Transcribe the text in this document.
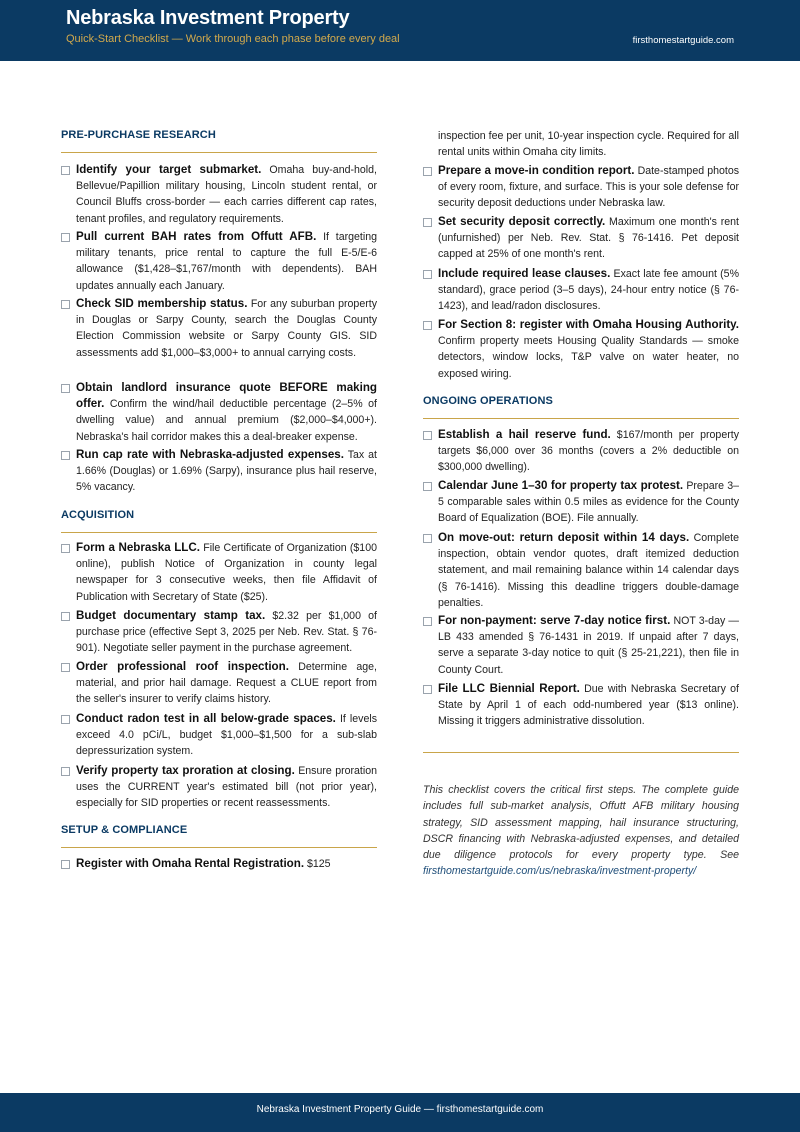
Nebraska Investment Property
Quick-Start Checklist — Work through each phase before every deal	firsthomestartguide.com
PRE-PURCHASE RESEARCH
Identify your target submarket. Omaha buy-and-hold, Bellevue/Papillion military housing, Lincoln student rental, or Council Bluffs cross-border — each carries different cap rates, tenant profiles, and regulatory requirements.
Pull current BAH rates from Offutt AFB. If targeting military tenants, price rental to capture the full E-5/E-6 allowance ($1,428–$1,767/month with dependents). BAH updates annually each January.
Check SID membership status. For any suburban property in Douglas or Sarpy County, search the Douglas County Election Commission website or Sarpy County GIS. SID assessments add $1,000–$3,000+ to annual carrying costs.
Obtain landlord insurance quote BEFORE making offer. Confirm the wind/hail deductible percentage (2–5% of dwelling value) and annual premium ($2,000–$4,000+). Nebraska's hail corridor makes this a deal-breaker expense.
Run cap rate with Nebraska-adjusted expenses. Tax at 1.66% (Douglas) or 1.69% (Sarpy), insurance plus hail reserve, 5% vacancy.
ACQUISITION
Form a Nebraska LLC. File Certificate of Organization ($100 online), publish Notice of Organization in county legal newspaper for 3 consecutive weeks, then file Affidavit of Publication with Secretary of State ($25).
Budget documentary stamp tax. $2.32 per $1,000 of purchase price (effective Sept 3, 2025 per Neb. Rev. Stat. § 76-901). Negotiate seller payment in the purchase agreement.
Order professional roof inspection. Determine age, material, and prior hail damage. Request a CLUE report from the seller's insurer to verify claims history.
Conduct radon test in all below-grade spaces. If levels exceed 4.0 pCi/L, budget $1,000–$1,500 for a sub-slab depressurization system.
Verify property tax proration at closing. Ensure proration uses the CURRENT year's estimated bill (not prior year), especially for SID properties or recent reassessments.
SETUP & COMPLIANCE
Register with Omaha Rental Registration. $125
inspection fee per unit, 10-year inspection cycle. Required for all rental units within Omaha city limits.
Prepare a move-in condition report. Date-stamped photos of every room, fixture, and surface. This is your sole defense for security deposit deductions under Nebraska law.
Set security deposit correctly. Maximum one month's rent (unfurnished) per Neb. Rev. Stat. § 76-1416. Pet deposit capped at 25% of one month's rent.
Include required lease clauses. Exact late fee amount (5% standard), grace period (3–5 days), 24-hour entry notice (§ 76-1423), and lead/radon disclosures.
For Section 8: register with Omaha Housing Authority. Confirm property meets Housing Quality Standards — smoke detectors, window locks, T&P valve on water heater, no exposed wiring.
ONGOING OPERATIONS
Establish a hail reserve fund. $167/month per property targets $6,000 over 36 months (covers a 2% deductible on $300,000 dwelling).
Calendar June 1–30 for property tax protest. Prepare 3–5 comparable sales within 0.5 miles as evidence for the County Board of Equalization (BOE). File annually.
On move-out: return deposit within 14 days. Complete inspection, obtain vendor quotes, draft itemized deduction statement, and mail remaining balance within 14 calendar days (§ 76-1416). Missing this deadline triggers double-damage penalties.
For non-payment: serve 7-day notice first. NOT 3-day — LB 433 amended § 76-1431 in 2019. If unpaid after 7 days, serve a separate 3-day notice to quit (§ 25-21,221), then file in County Court.
File LLC Biennial Report. Due with Nebraska Secretary of State by April 1 of each odd-numbered year ($13 online). Missing it triggers administrative dissolution.
This checklist covers the critical first steps. The complete guide includes full sub-market analysis, Offutt AFB military housing strategy, SID assessment mapping, hail insurance structuring, DSCR financing with Nebraska-adjusted expenses, and detailed due diligence protocols for every property type. See firsthomestartguide.com/us/nebraska/investment-property/
Nebraska Investment Property Guide — firsthomestartguide.com
